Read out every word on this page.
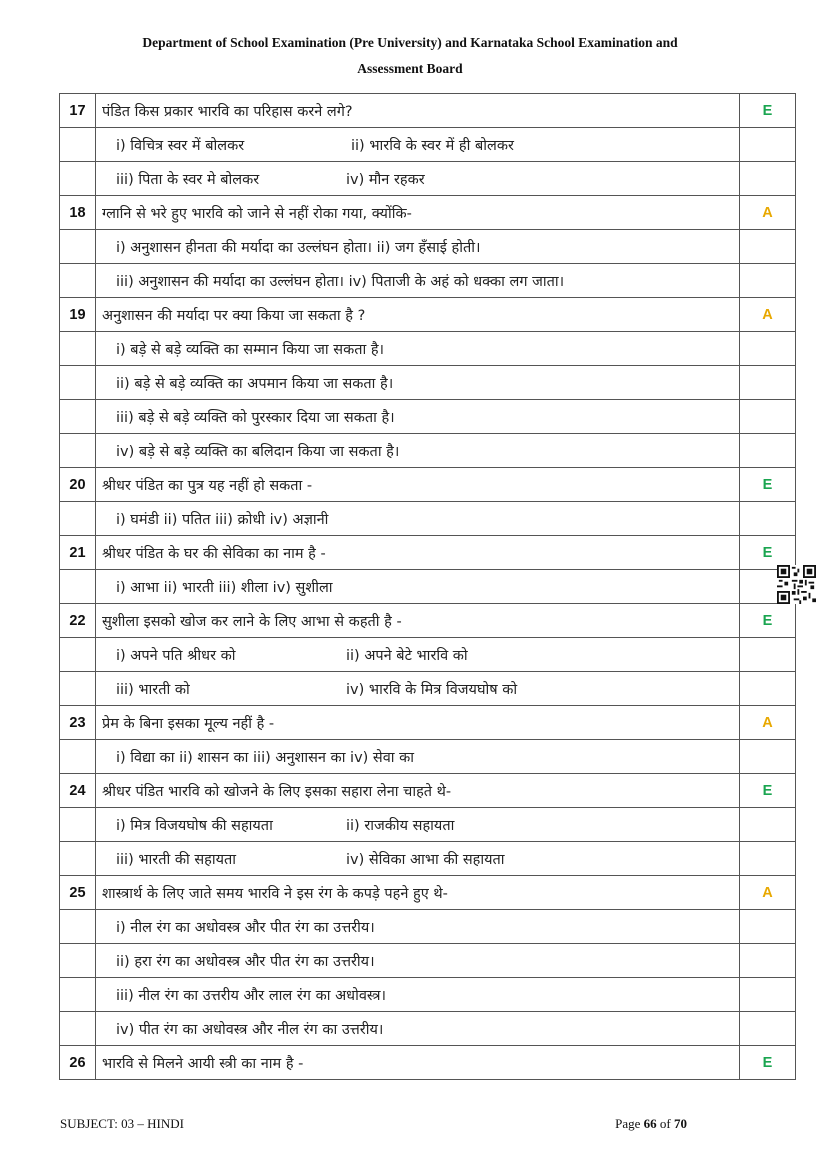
Department of School Examination (Pre University) and Karnataka School Examination and
Assessment Board
17	पंडित किस प्रकार भारवि का परिहास करने लगे?	E
	i) विचित्र स्वर में बोलकर ii) भारवि के स्वर में ही बोलकर	
	iii) पिता के स्वर मे बोलकर iv) मौन रहकर	
18	ग्लानि से भरे हुए भारवि को जाने से नहीं रोका गया, क्योंकि-	A
	i) अनुशासन हीनता की मर्यादा का उल्लंघन होता। ii) जग हँसाई होती।	
	iii) अनुशासन की मर्यादा का उल्लंघन होता। iv) पिताजी के अहं को धक्का लग जाता।	
19	अनुशासन की मर्यादा पर क्या किया जा सकता है ?	A
	i) बड़े से बड़े व्यक्ति का सम्मान किया जा सकता है।	
	ii) बड़े से बड़े व्यक्ति का अपमान किया जा सकता है।	
	iii) बड़े से बड़े व्यक्ति को पुरस्कार दिया जा सकता है।	
	iv) बड़े से बड़े व्यक्ति का बलिदान किया जा सकता है।	
20	श्रीधर पंडित का पुत्र यह नहीं हो सकता -	E
	i) घमंडी ii) पतित iii) क्रोधी iv) अज्ञानी	
21	श्रीधर पंडित के घर की सेविका का नाम है -	E
	i) आभा ii) भारती iii) शीला iv) सुशीला	
22	सुशीला इसको खोज कर लाने के लिए आभा से कहती है -	E
	i) अपने पति श्रीधर को ii) अपने बेटे भारवि को	
	iii) भारती को iv) भारवि के मित्र विजयघोष को	
23	प्रेम के बिना इसका मूल्य नहीं है -	A
	i) विद्या का ii) शासन का iii) अनुशासन का iv) सेवा का	
24	श्रीधर पंडित भारवि को खोजने के लिए इसका सहारा लेना चाहते थे-	E
	i) मित्र विजयघोष की सहायता ii) राजकीय सहायता	
	iii) भारती की सहायता iv) सेविका आभा की सहायता	
25	शास्त्रार्थ के लिए जाते समय भारवि ने इस रंग के कपड़े पहने हुए थे-	A
	i) नील रंग का अधोवस्त्र और पीत रंग का उत्तरीय।	
	ii) हरा रंग का अधोवस्त्र और पीत रंग का उत्तरीय।	
	iii) नील रंग का उत्तरीय और लाल रंग का अधोवस्त्र।	
	iv) पीत रंग का अधोवस्त्र और नील रंग का उत्तरीय।	
26	भारवि से मिलने आयी स्त्री का नाम है -	E
SUBJECT: 03 – HINDI	Page 66 of 70
